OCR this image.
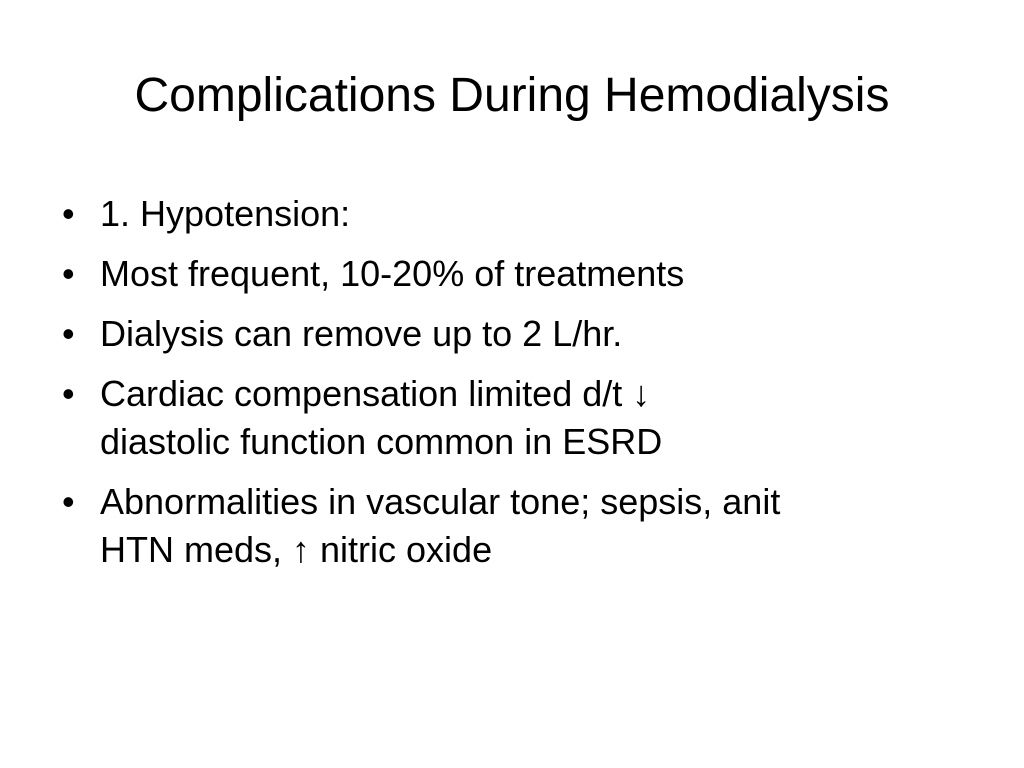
Complications During Hemodialysis
• 1. Hypotension:
• Most frequent, 10-20% of treatments
• Dialysis can remove up to 2 L/hr.
• Cardiac compensation limited d/t ↓
diastolic function common in ESRD
• Abnormalities in vascular tone; sepsis, anit
HTN meds, ↑ nitric oxide
